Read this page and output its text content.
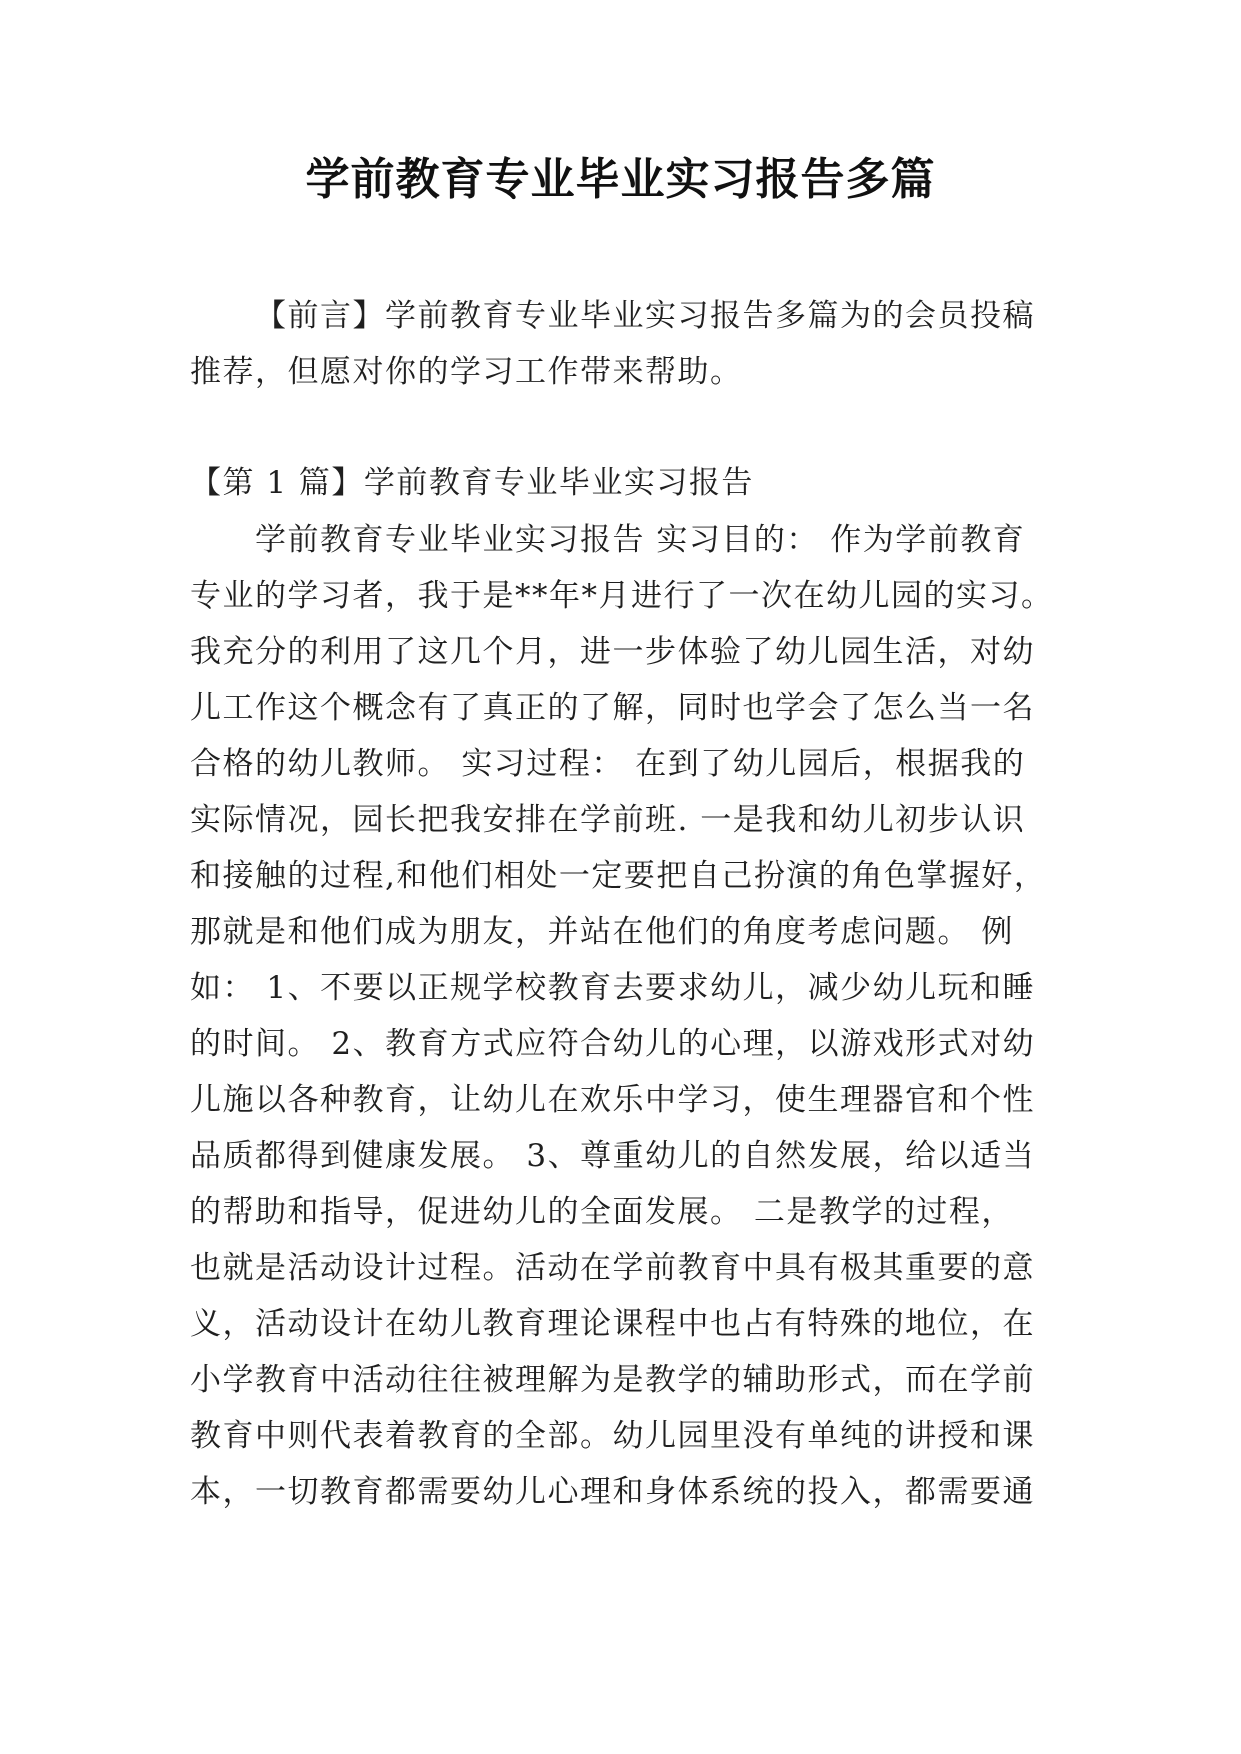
学前教育专业毕业实习报告多篇
【前言】学前教育专业毕业实习报告多篇为的会员投稿
推荐，但愿对你的学习工作带来帮助。
【第 1 篇】学前教育专业毕业实习报告
学前教育专业毕业实习报告 实习目的： 作为学前教育
专业的学习者，我于是**年*月进行了一次在幼儿园的实习。
我充分的利用了这几个月，进一步体验了幼儿园生活，对幼
儿工作这个概念有了真正的了解，同时也学会了怎么当一名
合格的幼儿教师。 实习过程： 在到了幼儿园后，根据我的
实际情况，园长把我安排在学前班. 一是我和幼儿初步认识
和接触的过程,和他们相处一定要把自己扮演的角色掌握好，
那就是和他们成为朋友，并站在他们的角度考虑问题。 例
如： 1、不要以正规学校教育去要求幼儿，减少幼儿玩和睡
的时间。 2、教育方式应符合幼儿的心理，以游戏形式对幼
儿施以各种教育，让幼儿在欢乐中学习，使生理器官和个性
品质都得到健康发展。 3、尊重幼儿的自然发展，给以适当
的帮助和指导，促进幼儿的全面发展。 二是教学的过程，
也就是活动设计过程。活动在学前教育中具有极其重要的意
义，活动设计在幼儿教育理论课程中也占有特殊的地位，在
小学教育中活动往往被理解为是教学的辅助形式，而在学前
教育中则代表着教育的全部。幼儿园里没有单纯的讲授和课
本，一切教育都需要幼儿心理和身体系统的投入，都需要通
